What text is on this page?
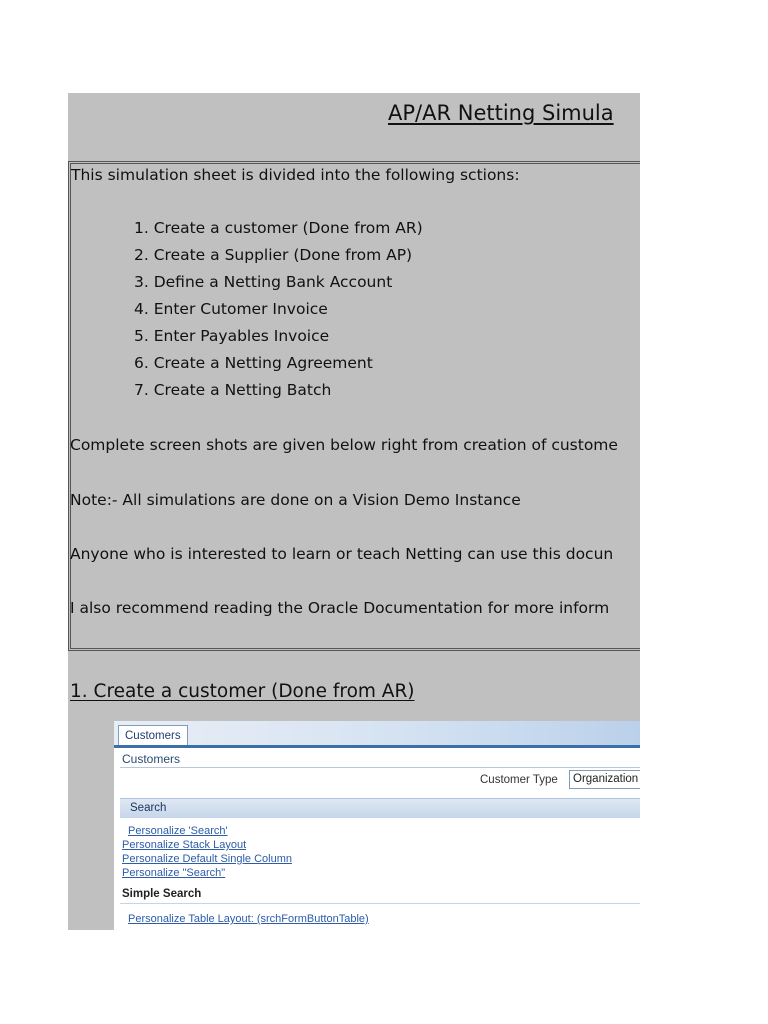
AP/AR Netting Simula
This simulation sheet is divided into the following sctions:
1. Create a customer (Done from AR)
2. Create a Supplier (Done from AP)
3. Define a Netting Bank Account
4. Enter Cutomer Invoice
5. Enter Payables Invoice
6. Create a Netting Agreement
7. Create a Netting Batch
Complete screen shots are given below right from creation of custome
Note:- All simulations are done on a Vision Demo Instance
Anyone who is interested to learn or teach Netting can use this docun
I also recommend reading the Oracle Documentation for more inform
1. Create a customer (Done from AR)
Customers
Customers
Customer Type	Organization
Search
Personalize 'Search'
Personalize Stack Layout
Personalize Default Single Column
Personalize "Search"
Simple Search
Personalize Table Layout: (srchFormButtonTable)
